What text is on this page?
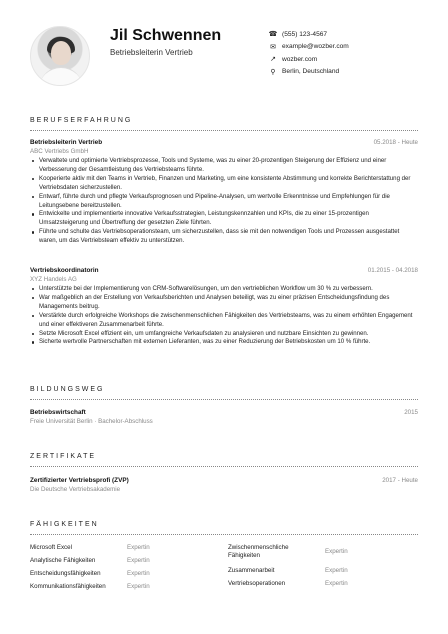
Jil Schwennen
Betriebsleiterin Vertrieb
☎ (555) 123-4567
✉ example@wozber.com
↗ wozber.com
⚲ Berlin, Deutschland
BERUFSERFAHRUNG
Betriebsleiterin Vertrieb	05.2018 - Heute
ABC Vertriebs GmbH
Verwaltete und optimierte Vertriebsprozesse, Tools und Systeme, was zu einer 20-prozentigen Steigerung der Effizienz und einer Verbesserung der Gesamtleistung des Vertriebsteams führte.
Kooperierte aktiv mit den Teams in Vertrieb, Finanzen und Marketing, um eine konsistente Abstimmung und korrekte Berichterstattung der Vertriebsdaten sicherzustellen.
Entwarf, führte durch und pflegte Verkaufsprognosen und Pipeline-Analysen, um wertvolle Erkenntnisse und Empfehlungen für die Leitungsebene bereitzustellen.
Entwickelte und implementierte innovative Verkaufsstrategien, Leistungskennzahlen und KPIs, die zu einer 15-prozentigen Umsatzsteigerung und Übertreffung der gesetzten Ziele führten.
Führte und schulte das Vertriebsoperationsteam, um sicherzustellen, dass sie mit den notwendigen Tools und Prozessen ausgestattet waren, um das Vertriebsteam effektiv zu unterstützen.
Vertriebskoordinatorin	01.2015 - 04.2018
XYZ Handels AG
Unterstützte bei der Implementierung von CRM-Softwarelösungen, um den vertrieblichen Workflow um 30 % zu verbessern.
War maßgeblich an der Erstellung von Verkaufsberichten und Analysen beteiligt, was zu einer präzisen Entscheidungsfindung des Managements beitrug.
Verstärkte durch erfolgreiche Workshops die zwischenmenschlichen Fähigkeiten des Vertriebsteams, was zu einem erhöhten Engagement und einer effektiveren Zusammenarbeit führte.
Setzte Microsoft Excel effizient ein, um umfangreiche Verkaufsdaten zu analysieren und nutzbare Einsichten zu gewinnen.
Sicherte wertvolle Partnerschaften mit externen Lieferanten, was zu einer Reduzierung der Betriebskosten um 10 % führte.
BILDUNGSWEG
Betriebswirtschaft	2015
Freie Universität Berlin · Bachelor-Abschluss
ZERTIFIKATE
Zertifizierter Vertriebsprofi (ZVP)	2017 - Heute
Die Deutsche Vertriebsakademie
FÄHIGKEITEN
Microsoft Excel	Expertin
Analytische Fähigkeiten	Expertin
Entscheidungsfähigkeiten	Expertin
Kommunikationsfähigkeiten	Expertin
Zwischenmenschliche Fähigkeiten
Expertin
Zusammenarbeit	Expertin
Vertriebsoperationen	Expertin
